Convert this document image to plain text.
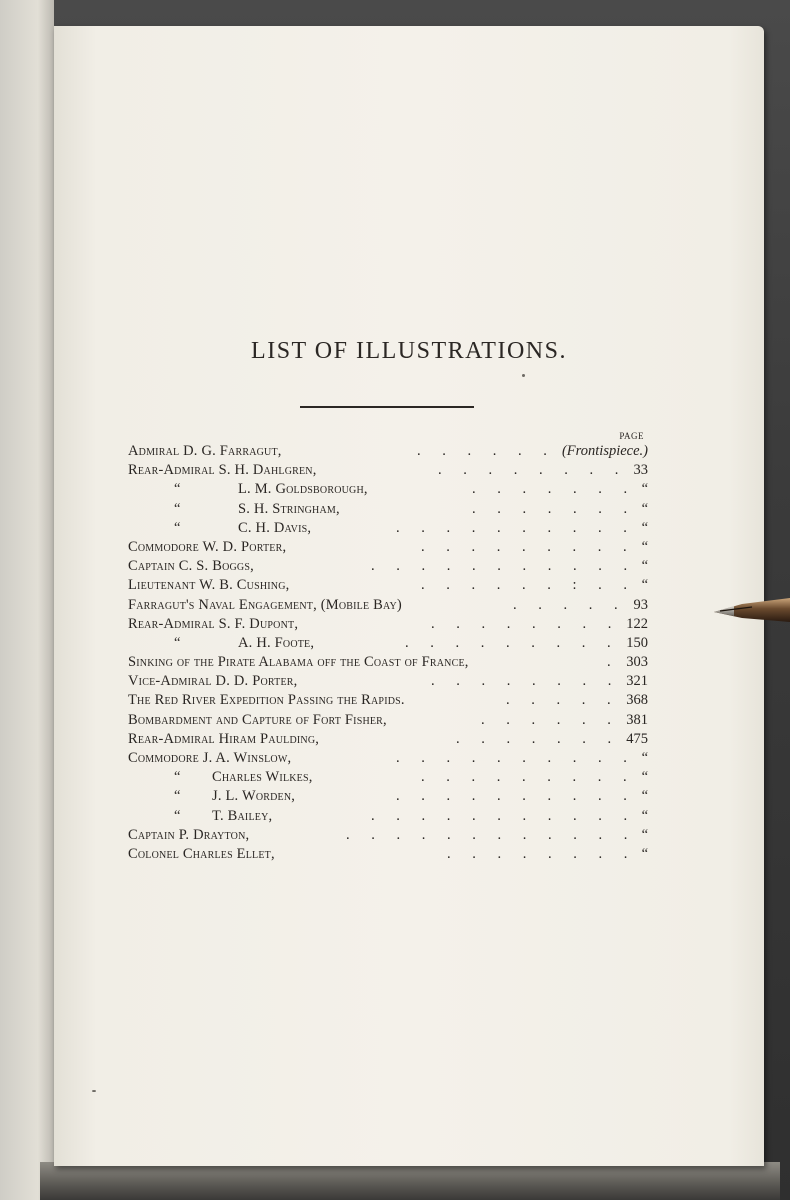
LIST OF ILLUSTRATIONS.
PAGE
Admiral D. G. Farragut,	(Frontispiece.)
. . . . . .
Rear-Admiral S. H. Dahlgren,	33
. . . . . . . .
“	L. M. Goldsborough,	“
. . . . . . .
“	S. H. Stringham,	“
. . . . . . .
“	C. H. Davis,	“
. . . . . . . . . .
Commodore W. D. Porter,	“
. . . . . . . . .
Captain C. S. Boggs,	“
. . . . . . . . . . .
Lieutenant W. B. Cushing,	“
. . . . . . : . .
Farragut's Naval Engagement, (Mobile Bay)	93
. . . . .
Rear-Admiral S. F. Dupont,	122
. . . . . . . .
“	A. H. Foote,	150
. . . . . . . . .
Sinking of the Pirate Alabama off the Coast of France,	303
.
Vice-Admiral D. D. Porter,	321
. . . . . . . .
The Red River Expedition Passing the Rapids.	368
. . . . .
Bombardment and Capture of Fort Fisher,	381
. . . . . .
Rear-Admiral Hiram Paulding,	475
. . . . . . .
Commodore J. A. Winslow,	“
. . . . . . . . . .
“ Charles Wilkes,	“
. . . . . . . . .
“ J. L. Worden,	“
. . . . . . . . . .
“ T. Bailey,	“
. . . . . . . . . . .
Captain P. Drayton,	“
. . . . . . . . . . . .
Colonel Charles Ellet,	“
. . . . . . . .
